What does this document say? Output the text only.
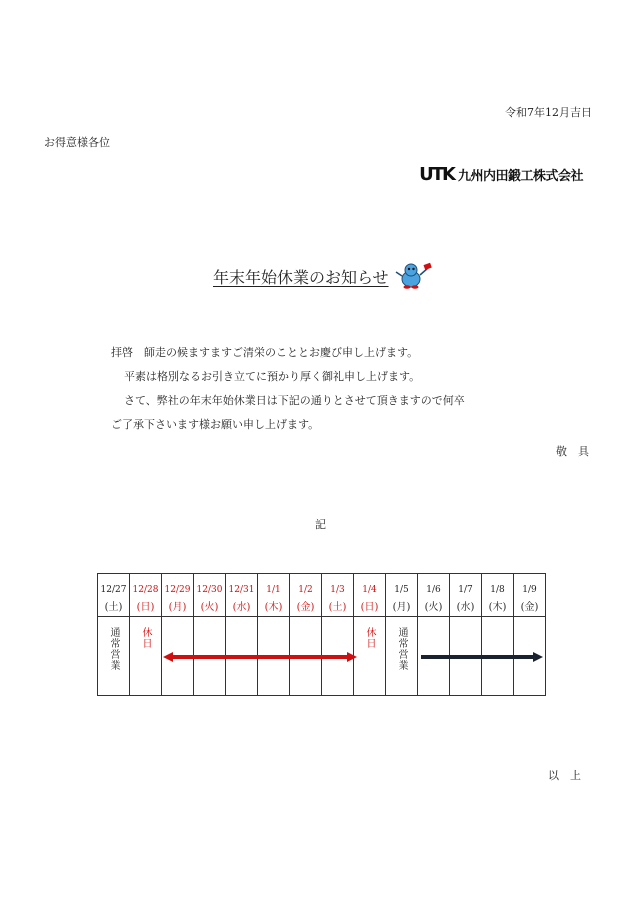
令和7年12月吉日
お得意様各位
UTK 九州内田鍛工株式会社
年末年始休業のお知らせ
拝啓　師走の候ますますご清栄のこととお慶び申し上げます。
平素は格別なるお引き立てに預かり厚く御礼申し上げます。
さて、弊社の年末年始休業日は下記の通りとさせて頂きますので何卒
ご了承下さいます様お願い申し上げます。
敬　具
記
12/27	12/28	12/29	12/30	12/31	1/1	1/2	1/3	1/4	1/5	1/6	1/7	1/8	1/9
(土)	(日)	(月)	(火)	(水)	(木)	(金)	(土)	(日)	(月)	(火)	(水)	(木)	(金)

通常営業	休日							休日	通常営業				

以　上
